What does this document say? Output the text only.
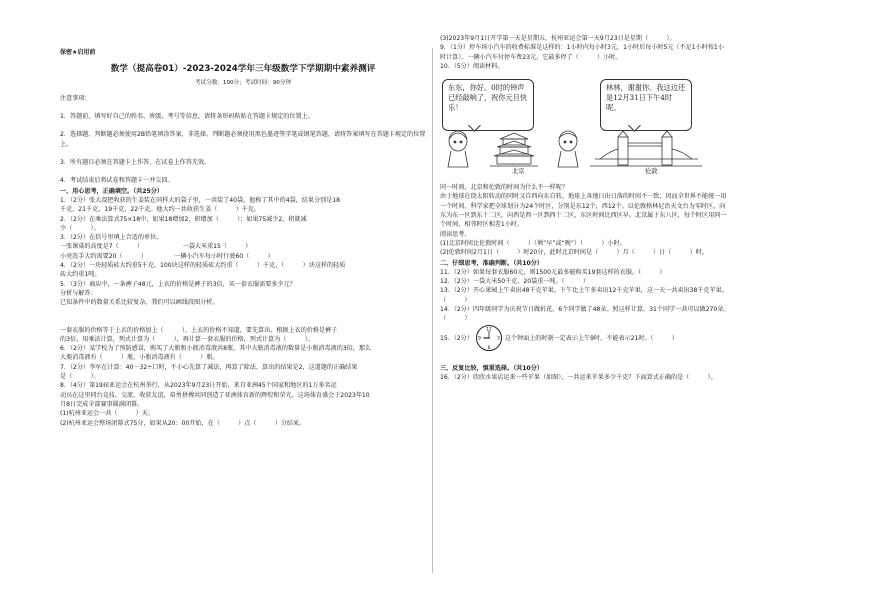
保密★启用前
数学（提高卷01）-2023-2024学年三年级数学下学期期中素养测评
考试分数：100分；考试时间：90分钟
注意事项：
1．答题前，填写好自己的姓名、班级、考号等信息，请将条形码粘贴在答题卡规定的位置上。
2．选择题、判断题必须使用2B铅笔填涂答案，非选择、判断题必须使用黑色墨迹签字笔或钢笔答题，请将答案填写在答题卡规定的位置上。
3．所有题目必须在答题卡上作答，在试卷上作答无效。
4．考试结束后将试卷和答题卡一并交回。
一、用心思考，正确填空。（共25分）
1．（2分）张大叔把收获的生姜装在同样大的袋子里，一共装了40袋。他称了其中的4袋，结果分别是18
千克、21千克、19千克、22千克。他大约一共收获生姜（　　　）千克。
2．（2分）在乘法算式75×18中，如果18增加2，积增加（　　　）；如果75减少2，积就减
少（　　　）。
3．（2分）在括号里填上合适的单位。
一张课桌的高度是7（　　　）　　　　　　　一袋大米重15（　　　）
小亮洗手大约需要20（　　　）　　　　　一辆小汽车每小时行驶60（　　　）
4．（2分）一块轻质砖大约重5千克，100块这样的轻质砖大约重（　　　）千克，（　　　）块这样的轻质
砖大约重1吨。
5．（3分）商店中，一条裤子48元，上衣的价格是裤子的3倍，买一套衣服需要多少元？
分析与解答：
已知条件中的数量关系比较复杂，我们可以画线段图分析。
一套衣服的价格等于上衣的价格加上（　　　），上衣的价格不知道，要先算出，根据上衣的价格是裤子
的3倍，用乘法计算，列式计算为（　　　），再计算一套衣服的价格，列式计算为（　　　）。
6．（2分）某学校为了预防感冒，购买了大瓶和小瓶消毒液共8瓶，其中大瓶消毒液的数量是小瓶消毒液的3倍，那么
大瓶消毒液有（　　　）瓶，小瓶消毒液有（　　　）瓶。
7．（2分）李军在计算：40－32÷口时，不小心先算了减法，再算了除法，算出的结果是2，这道题的正确结果
是（　　　）。
8．（4分）第19届亚运会在杭州举行，从2023年9月23日开始，来自亚洲45个国家和地区的1万多名运
动员在这里同台竞技、交流、收获友谊，奋勇拼搏共同创造了亚洲体育新的辉煌和荣光。这场体育盛会于2023年10
月8日完成全部赛事圆满闭幕。
(1)杭州亚运会一共（　　　）天。
(2)杭州亚运会整场闭幕式75分，如果从20：00开始，在（　　　）点（　　　）分结束。
(3)2023年9月1日开学第一天是星期五，杭州亚运会第一天9月23日是星期（　　　）。
9．（1分）停车场小汽车的收费标准是这样的：1小时内每小时3元，1小时后每小时5元（不足1小时按1小
时计算）。一辆小汽车付停车费23元，它最多停了（　　　）小时。
10．（5分）阅读材料。
东东，你好。0时的钟声已经敲响了，祝你元旦快乐！
林林，谢谢你。我这边还是12月31日下午4时呢。
北京	伦敦
同一时刻，北京和伦敦的时间为什么不一样呢？
由于地球在绕太阳转动的同时又自西向东自转，地球上各地日出日落的时间不一致，因而全世界不能统一用
一个时间。科学家把全球划分为24个时区，分别是东12个，西12个。以伦敦格林尼治天文台为零时区，向
东为东一区到东十二区，向西是西一区到西十二区，东区时间比西区早。北京属于东八区，每个时区用同一
个时间，相邻时区相差1小时。
阅读思考。
(1)北京时间比伦敦时间（　　　）（填“早”或“晚”）（　　　）小时。
(2)伦敦时间2月1日（　　　）时20分，此时北京时间是（　　　）月（　　　）日（　　　）时。
二、仔细思考，准确判断。（共10分）
11．（2分）如果每套衣服60元，则1500元最多能购买19套这样的衣服。（　　　）
12．（2分）一袋大米50千克，20袋重一吨。（　　　）
13．（2分）开心果园上午卖出48千克苹果，下午比上午多卖出12千克苹果，这一天一共卖出38千克苹果。
（　　　）
14．（2分）四年级同学为庆祝节日做折花，6个同学做了48朵。照这样计算，31个同学一共可以做270朵。
（　　　）
15．（2分）
12
3
6
9	这个钟面上的时刻一定表示上午9时，不能表示21时。（　　　）
三、反复比较，慎重选择。（共10分）
16．（2分）欣欣水果店运来一些苹果（如图），一共运来苹果多少千克？下面算式正确的是（　　　）。
